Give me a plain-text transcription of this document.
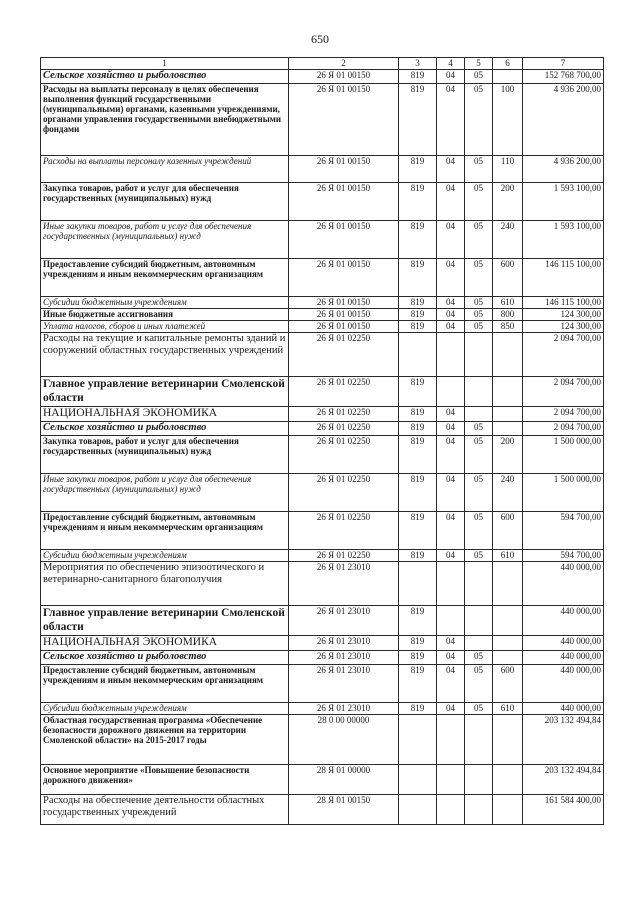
650
1	2	3	4	5	6	7
Сельское хозяйство и рыболовство	26 Я 01 00150	819	04	05		152 768 700,00
Расходы на выплаты персоналу в целях обеспечения выполнения функций государственными (муниципальными) органами, казенными учреждениями, органами управления государственными внебюджетными фондами	26 Я 01 00150	819	04	05	100	4 936 200,00
Расходы на выплаты персоналу казенных учреждений	26 Я 01 00150	819	04	05	110	4 936 200,00
Закупка товаров, работ и услуг для обеспечения государственных (муниципальных) нужд	26 Я 01 00150	819	04	05	200	1 593 100,00
Иные закупки товаров, работ и услуг для обеспечения государственных (муниципальных) нужд	26 Я 01 00150	819	04	05	240	1 593 100,00
Предоставление субсидий бюджетным, автономным учреждениям и иным некоммерческим организациям	26 Я 01 00150	819	04	05	600	146 115 100,00
Субсидии бюджетным учреждениям	26 Я 01 00150	819	04	05	610	146 115 100,00
Иные бюджетные ассигнования	26 Я 01 00150	819	04	05	800	124 300,00
Уплата налогов, сборов и иных платежей	26 Я 01 00150	819	04	05	850	124 300,00
Расходы на текущие и капитальные ремонты зданий и сооружений областных государственных учреждений	26 Я 01 02250					2 094 700,00
Главное управление ветеринарии Смоленской области	26 Я 01 02250	819				2 094 700,00
НАЦИОНАЛЬНАЯ ЭКОНОМИКА	26 Я 01 02250	819	04			2 094 700,00
Сельское хозяйство и рыболовство	26 Я 01 02250	819	04	05		2 094 700,00
Закупка товаров, работ и услуг для обеспечения государственных (муниципальных) нужд	26 Я 01 02250	819	04	05	200	1 500 000,00
Иные закупки товаров, работ и услуг для обеспечения государственных (муниципальных) нужд	26 Я 01 02250	819	04	05	240	1 500 000,00
Предоставление субсидий бюджетным, автономным учреждениям и иным некоммерческим организациям	26 Я 01 02250	819	04	05	600	594 700,00
Субсидии бюджетным учреждениям	26 Я 01 02250	819	04	05	610	594 700,00
Мероприятия по обеспечению эпизоотического и ветеринарно-санитарного благополучия	26 Я 01 23010					440 000,00
Главное управление ветеринарии Смоленской области	26 Я 01 23010	819				440 000,00
НАЦИОНАЛЬНАЯ ЭКОНОМИКА	26 Я 01 23010	819	04			440 000,00
Сельское хозяйство и рыболовство	26 Я 01 23010	819	04	05		440 000,00
Предоставление субсидий бюджетным, автономным учреждениям и иным некоммерческим организациям	26 Я 01 23010	819	04	05	600	440 000,00
Субсидии бюджетным учреждениям	26 Я 01 23010	819	04	05	610	440 000,00
Областная государственная программа «Обеспечение безопасности дорожного движения на территории Смоленской области» на 2015-2017 годы	28 0 00 00000					203 132 494,84
Основное мероприятие «Повышение безопасности дорожного движения»	28 Я 01 00000					203 132 494,84
Расходы на обеспечение деятельности областных государственных учреждений	28 Я 01 00150					161 584 400,00
